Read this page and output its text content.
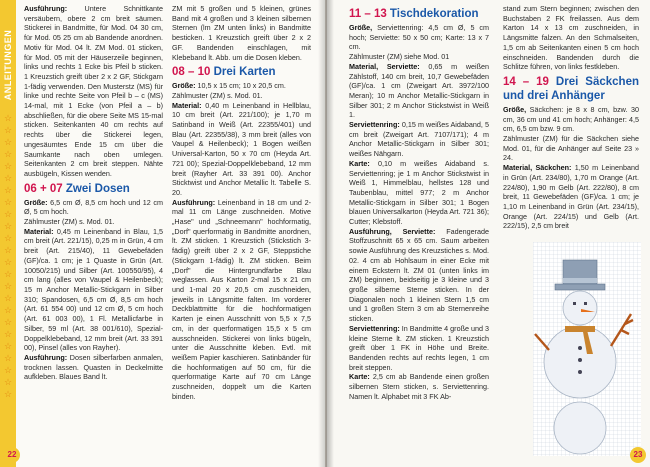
ANLEITUNGEN
☆
☆
☆
☆
☆
☆
☆
☆
☆
☆
☆
☆
☆
☆
☆
☆
☆
☆
☆
☆
☆
☆
☆
☆

Ausführung: Untere Schnittkante versäubern, obere 2 cm breit säumen. Stickerei in Bandmitte, für Mod. 04 30 cm, für Mod. 05 25 cm ab Bandende anordnen. Motiv für Mod. 04 lt. ZM Mod. 01 sticken, für Mod. 05 mit der Häuserzeile beginnen, links und rechts 1 Ecke bis Pfeil b sticken. 1 Kreuzstich greift über 2 x 2 GF, Stickgarn 1-fädig verwenden. Den Musterstz (MS) für linke und rechte Seite von Pfeil b – c (MS) 14-mal, mit 1 Ecke (von Pfeil a – b) abschließen, für die obere Seite MS 15-mal sticken. Seitenkanten 40 cm rechts auf rechts über die Stickerei legen, ungesäumtes Ende 15 cm über die Saumkante nach oben umlegen. Seitenkanten 2 cm breit steppen. Nähte ausbügeln, Kissen wenden.

06 + 07 Zwei Dosen

Größe: 6,5 cm Ø, 8,5 cm hoch und 12 cm Ø, 5 cm hoch.

Zählmuster (ZM) s. Mod. 01.

Material: 0,45 m Leinenband in Blau, 1,5 cm breit (Art. 221/15), 0,25 m in Grün, 4 cm breit (Art. 215/40), 11 Gewebefäden (GF)/ca. 1 cm; je 1 Quaste in Grün (Art. 10050/215) und Silber (Art. 100550/95), 4 cm lang (alles von Vaupel & Heilenbeck); 15 m Anchor Metallic-Stickgarn in Silber 310; Spandosen, 6,5 cm Ø, 8,5 cm hoch (Art. 61 554 00) und 12 cm Ø, 5 cm hoch (Art. 61 003 00), 1 Fl. Metallicfarbe in Silber, 59 ml (Art. 38 001/610), Spezial-Doppelklebeband, 12 mm breit (Art. 33 391 00), Pinsel (alles von Rayher).

Ausführung: Dosen silberfarben anmalen, trocknen lassen. Quasten in Deckelmitte aufkleben. Blaues Band lt.

ZM mit 5 großen und 5 kleinen, grünes Band mit 4 großen und 3 kleinen silbernen Sternen (lm ZM unten links) in Bandmitte besticken. 1 Kreuzstich greift über 2 x 2 GF. Bandenden einschlagen, mit Klebeband lt. Abb. um die Dosen kleben.

08 – 10 Drei Karten

Größe: 10,5 x 15 cm; 10 x 20,5 cm.

Zählmuster (ZM) s. Mod. 01.

Material: 0,40 m Leinenband in Hellblau, 10 cm breit (Art. 221/100); je 1,70 m Satinband in Weiß (Art. 22355/401) und Blau (Art. 22355/38), 3 mm breit (alles von Vaupel & Heilenbeck); 1 Bogen weißen Universal-Karton, 50 x 70 cm (Heyda Art. 721 00); Spezial-Doppelklebeband, 12 mm breit (Rayher Art. 33 391 00). Anchor Sticktwist und Anchor Metallic lt. Tabelle S. 20.

Ausführung: Leinenband in 18 cm und 2-mal 11 cm Länge zuschneiden. Motive „Hase" und „Schneemann" hochformatig, „Dorf" querformatig in Bandmitte anordnen, lt. ZM sticken. 1 Kreuzstich (Stickstich 3-fädig) greift über 2 x 2 GF, Steppstiche (Stickgarn 1-fädig) lt. ZM sticken. Beim „Dorf" die Hintergrundfarbe Blau weglassen. Aus Karton 2-mal 15 x 21 cm und 1-mal 20 x 20,5 cm zuschneiden, jeweils in Längsmitte falten. Im vorderer Deckblattmitte für die hochformatigen Karten je einen Ausschnitt von 5,5 x 7,5 cm, in der querformatigen 15,5 x 5 cm ausschneiden. Stickerei von links bügeln, unter die Ausschnitte kleben. Evtl. mit weißem Papier kaschieren. Satinbänder für die hochformatigen auf 50 cm, für die querformatige Karte auf 70 cm Länge zuschneiden, doppelt um die Karten binden.

22
11 – 13 Tischdekoration

Größe, Serviettenring: 4,5 cm Ø, 5 cm hoch; Serviette: 50 x 50 cm; Karte: 13 x 7 cm.

Zählmuster (ZM) siehe Mod. 01

Material, Serviette: 0,65 m weißen Zählstoff, 140 cm breit, 10,7 Gewebefäden (GF)/ca. 1 cm (Zweigart Art. 3972/100 Meran); 10 m Anchor Metallic-Stickgarn in Silber 301; 2 m Anchor Stickstwist in Weiß 1.

Serviettenring: 0,15 m weißes Aidaband, 5 cm breit (Zweigart Art. 7107/171); 4 m Anchor Metallic-Stickgarn in Silber 301; weißes Nähgarn.

Karte: 0,10 m weißes Aidaband s. Serviettenring; je 1 m Anchor Stickstwist in Weiß 1, Himmelblau, hellstes 128 und Taubenblau, mittel 977; 2 m Anchor Metallic-Stickgarn in Silber 301; 1 Bogen blauen Universalkarton (Heyda Art. 721 36); Cutter; Klebstoff.

Ausführung, Serviette: Fadengerade Stoffzuschnitt 65 x 65 cm. Saum arbeiten sowie Ausführung des Kreuzstiches s. Mod. 02. 4 cm ab Hohlsaum in einer Ecke mit einem Eckstern lt. ZM 01 (unten links im ZM) beginnen, beidseitig je 3 kleine und 3 große silberne Sterne sticken. In der Diagonalen noch 1 kleinen Stern 1,5 cm und 1 großen Stern 3 cm ab Sternenreihe sticken.

Serviettenring: In Bandmitte 4 große und 3 kleine Sterne lt. ZM sticken. 1 Kreuzstich greift über 1 FK in Höhe und Breite. Bandenden rechts auf rechts legen, 1 cm breit steppen.

Karte: 2,5 cm ab Bandende einen großen silbernen Stern sticken, s. Serviettenring. Namen lt. Alphabet mit 3 FK Ab-

stand zum Stern beginnen; zwischen den Buchstaben 2 FK freilassen. Aus dem Karton 14 x 13 cm zuschneiden, in Längsmitte falzen. An den Schmalseiten, 1,5 cm ab Seitenkanten einen 5 cm hoch einschneiden. Bandenden durch die Schlitze führen, von links festkleben.

14 – 19 Drei Säckchen und drei Anhänger

Größe, Säckchen: je 8 x 8 cm, bzw. 30 cm, 36 cm und 41 cm hoch; Anhänger: 4,5 cm, 6,5 cm bzw. 9 cm.

Zählmuster (ZM) für die Säckchen siehe Mod. 01, für die Anhänger auf Seite 23 » 24.

Material, Säckchen: 1,50 m Leinenband in Grün (Art. 234/80), 1,70 m Orange (Art. 224/80), 1,90 m Gelb (Art. 222/80), 8 cm breit, 11 Gewebefäden (GF)/ca. 1 cm; je 1,10 m Leinenband in Grün (Art. 234/15), Orange (Art. 224/15) und Gelb (Art. 222/15), 2,5 cm breit

23
